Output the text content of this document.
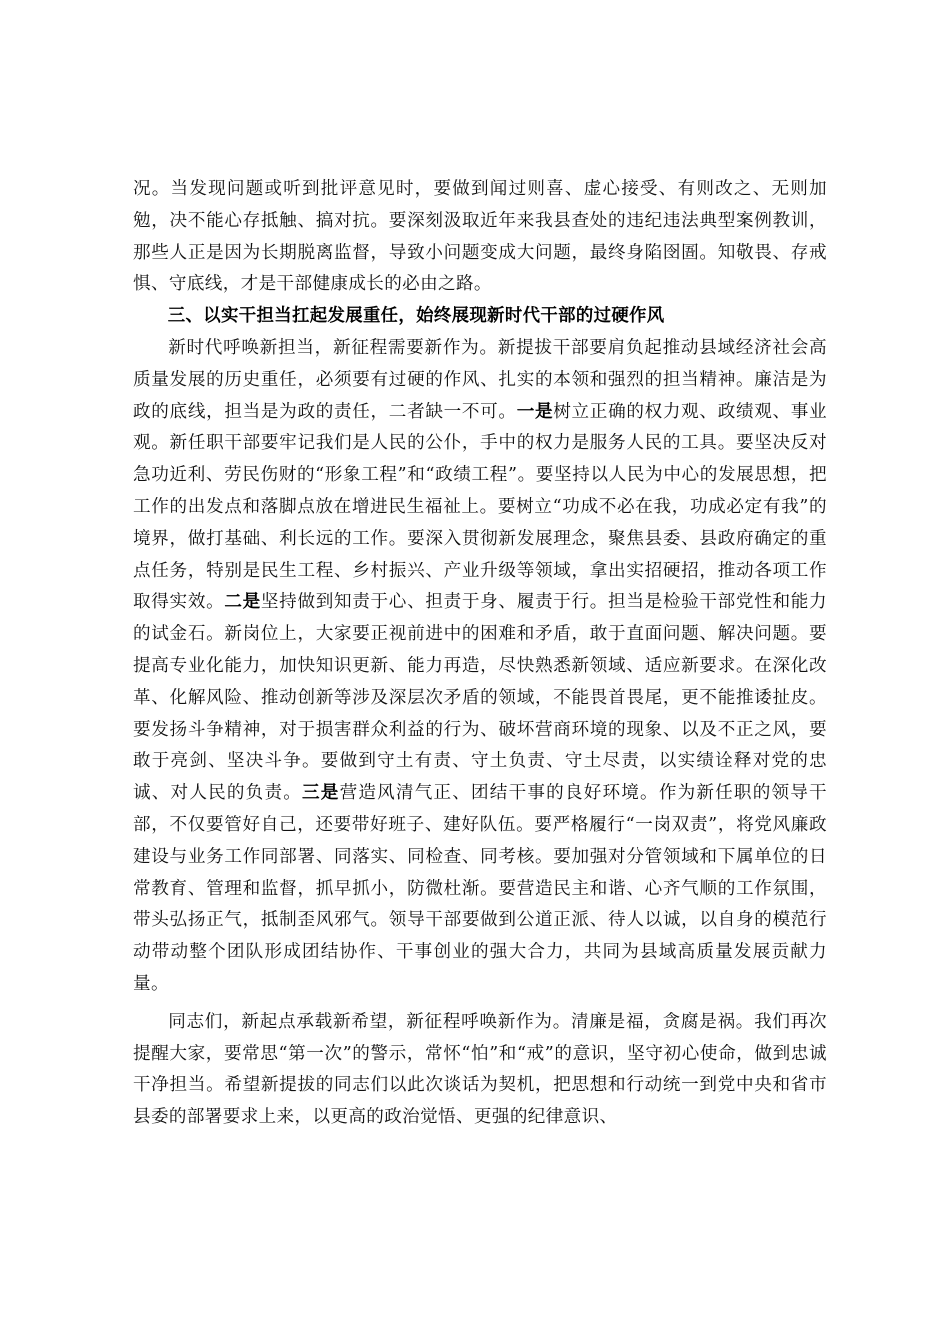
况。当发现问题或听到批评意见时，要做到闻过则喜、虚心接受、有则改之、无则加勉，决不能心存抵触、搞对抗。要深刻汲取近年来我县查处的违纪违法典型案例教训，那些人正是因为长期脱离监督，导致小问题变成大问题，最终身陷囹圄。知敬畏、存戒惧、守底线，才是干部健康成长的必由之路。

三、以实干担当扛起发展重任，始终展现新时代干部的过硬作风

新时代呼唤新担当，新征程需要新作为。新提拔干部要肩负起推动县域经济社会高质量发展的历史重任，必须要有过硬的作风、扎实的本领和强烈的担当精神。廉洁是为政的底线，担当是为政的责任，二者缺一不可。一是树立正确的权力观、政绩观、事业观。新任职干部要牢记我们是人民的公仆，手中的权力是服务人民的工具。要坚决反对急功近利、劳民伤财的“形象工程”和“政绩工程”。要坚持以人民为中心的发展思想，把工作的出发点和落脚点放在增进民生福祉上。要树立“功成不必在我，功成必定有我”的境界，做打基础、利长远的工作。要深入贯彻新发展理念，聚焦县委、县政府确定的重点任务，特别是民生工程、乡村振兴、产业升级等领域，拿出实招硬招，推动各项工作取得实效。二是坚持做到知责于心、担责于身、履责于行。担当是检验干部党性和能力的试金石。新岗位上，大家要正视前进中的困难和矛盾，敢于直面问题、解决问题。要提高专业化能力，加快知识更新、能力再造，尽快熟悉新领域、适应新要求。在深化改革、化解风险、推动创新等涉及深层次矛盾的领域，不能畏首畏尾，更不能推诿扯皮。要发扬斗争精神，对于损害群众利益的行为、破坏营商环境的现象、以及不正之风，要敢于亮剑、坚决斗争。要做到守土有责、守土负责、守土尽责，以实绩诠释对党的忠诚、对人民的负责。三是营造风清气正、团结干事的良好环境。作为新任职的领导干部，不仅要管好自己，还要带好班子、建好队伍。要严格履行“一岗双责”，将党风廉政建设与业务工作同部署、同落实、同检查、同考核。要加强对分管领域和下属单位的日常教育、管理和监督，抓早抓小，防微杜渐。要营造民主和谐、心齐气顺的工作氛围，带头弘扬正气，抵制歪风邪气。领导干部要做到公道正派、待人以诚，以自身的模范行动带动整个团队形成团结协作、干事创业的强大合力，共同为县域高质量发展贡献力量。

同志们，新起点承载新希望，新征程呼唤新作为。清廉是福，贪腐是祸。我们再次提醒大家，要常思“第一次”的警示，常怀“怕”和“戒”的意识，坚守初心使命，做到忠诚干净担当。希望新提拔的同志们以此次谈话为契机，把思想和行动统一到党中央和省市县委的部署要求上来，以更高的政治觉悟、更强的纪律意识、
